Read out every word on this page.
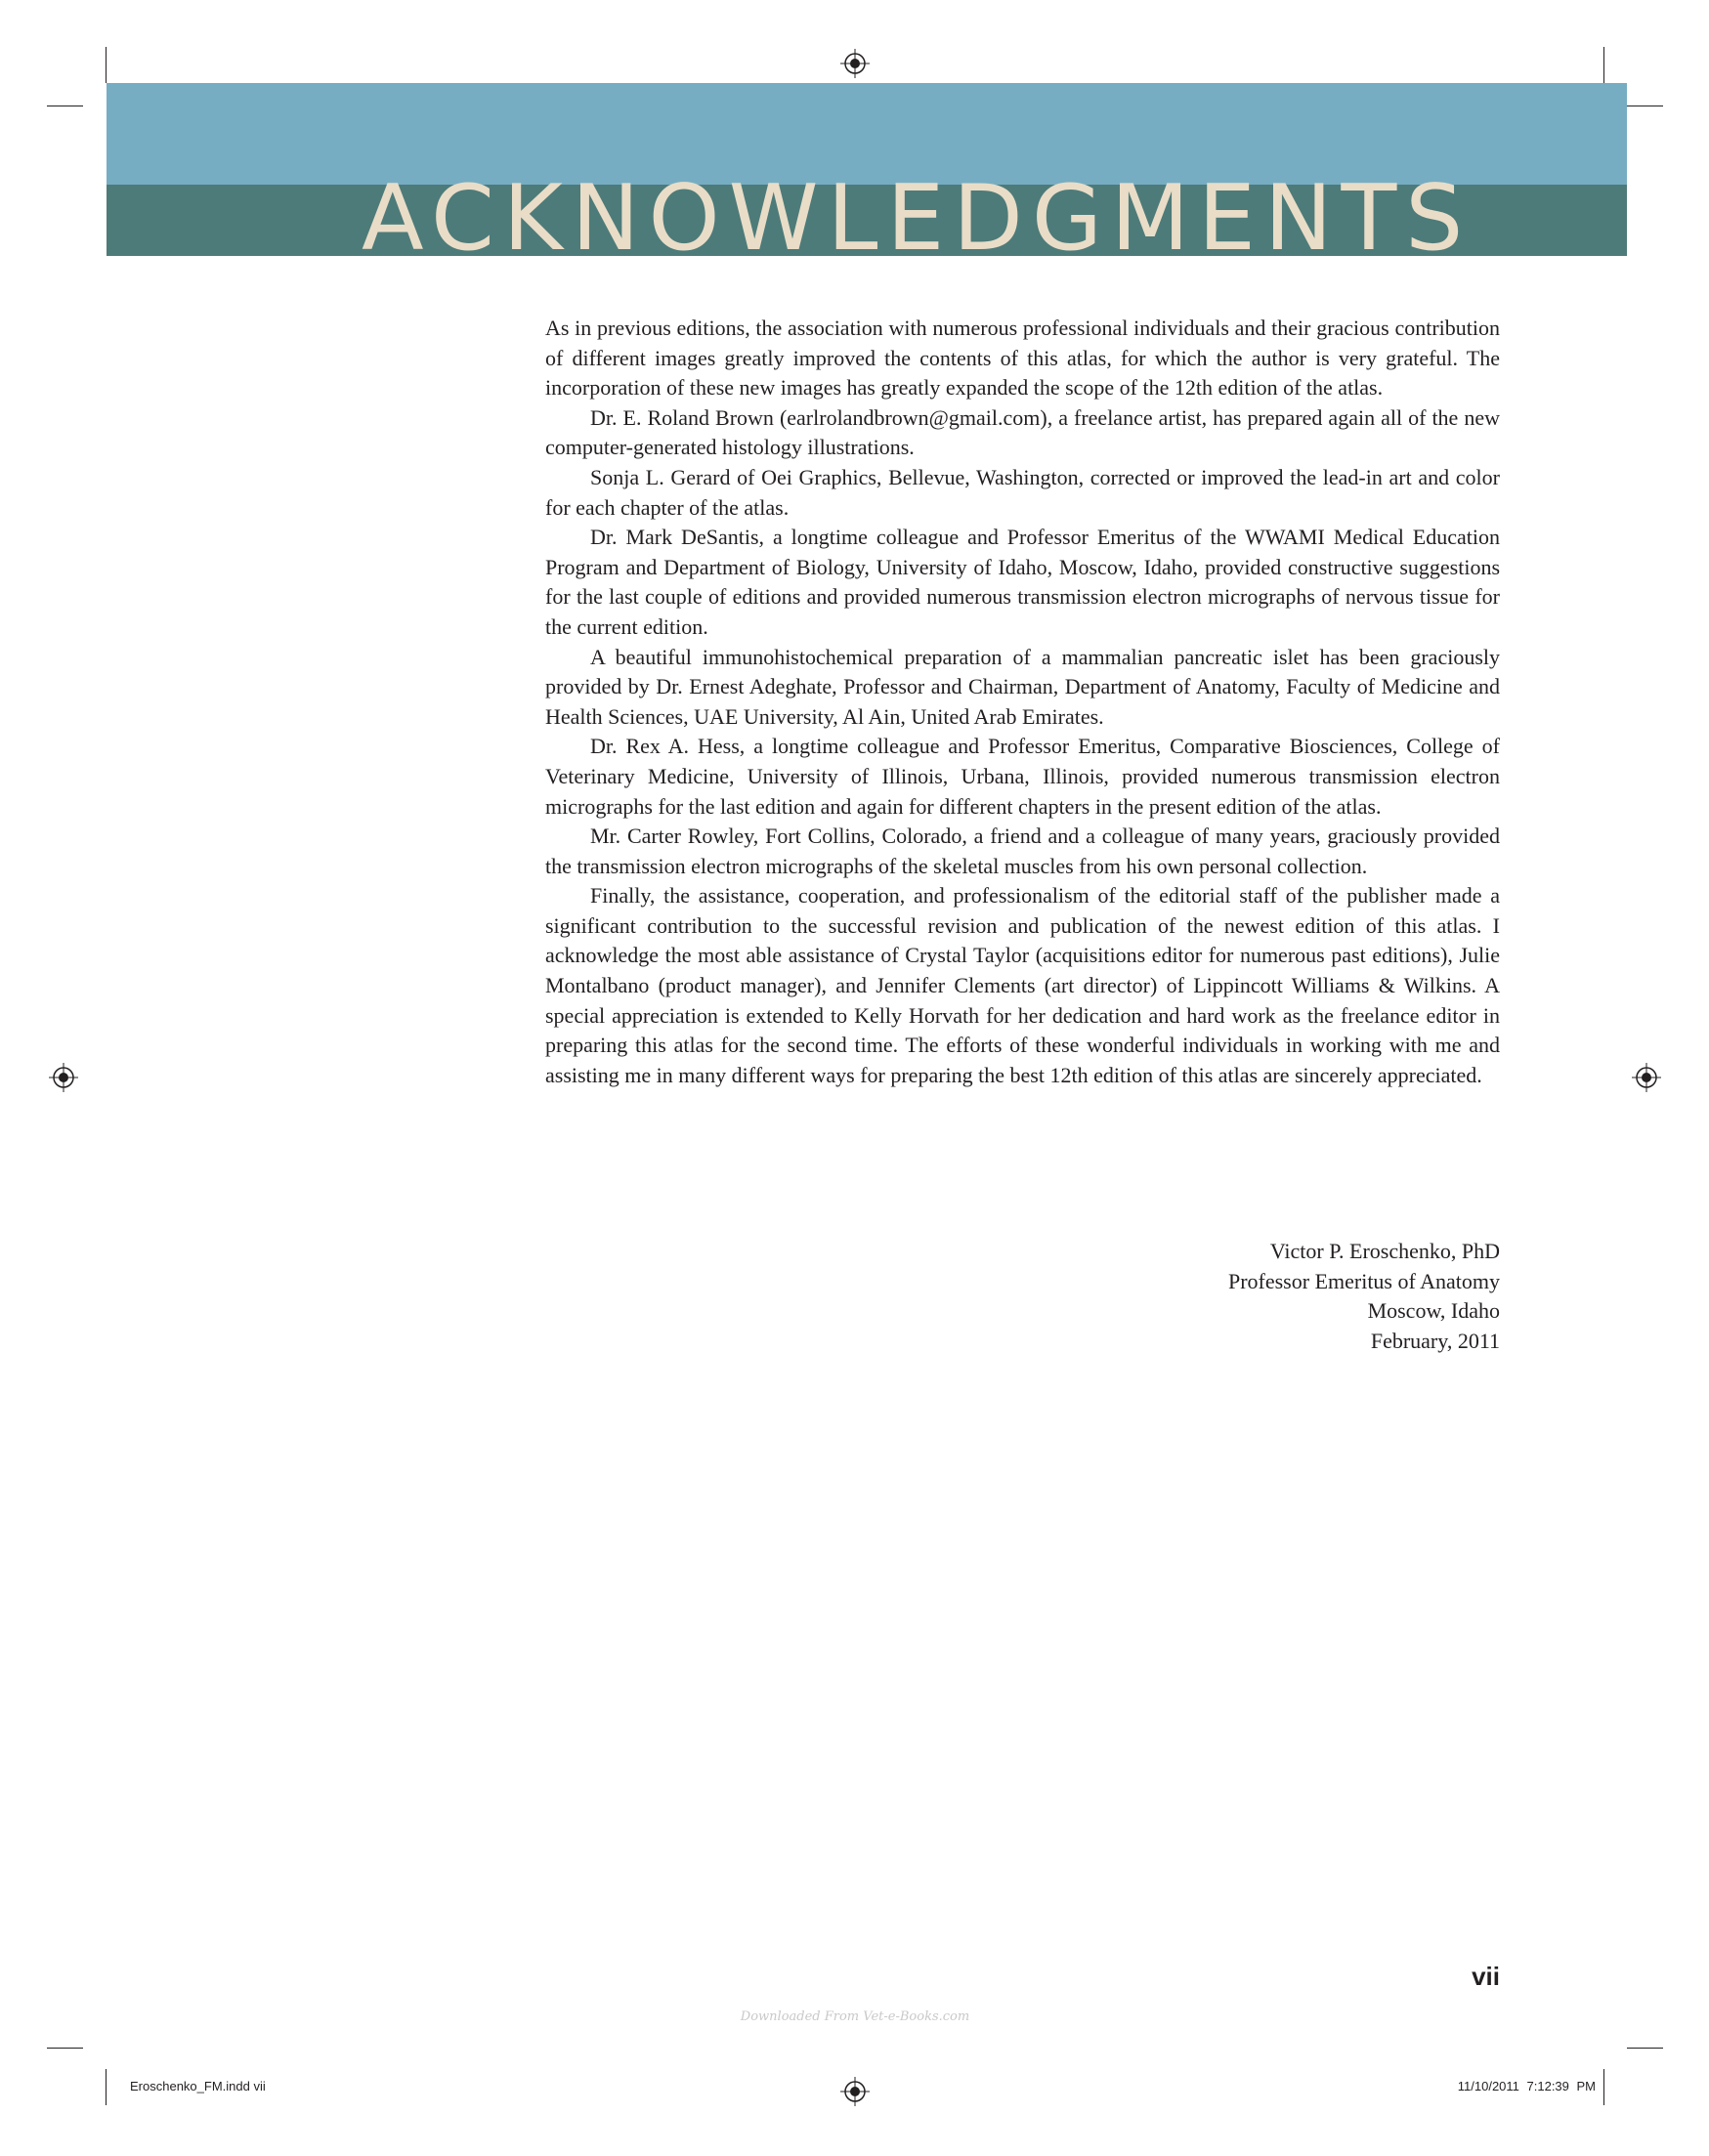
ACKNOWLEDGMENTS

As in previous editions, the association with numerous professional individuals and their gracious contribution of different images greatly improved the contents of this atlas, for which the author is very grateful. The incorporation of these new images has greatly expanded the scope of the 12th edition of the atlas.

Dr. E. Roland Brown (earlrolandbrown@gmail.com), a freelance artist, has prepared again all of the new computer-generated histology illustrations.

Sonja L. Gerard of Oei Graphics, Bellevue, Washington, corrected or improved the lead-in art and color for each chapter of the atlas.

Dr. Mark DeSantis, a longtime colleague and Professor Emeritus of the WWAMI Medical Education Program and Department of Biology, University of Idaho, Moscow, Idaho, provided constructive suggestions for the last couple of editions and provided numerous transmission electron micrographs of nervous tissue for the current edition.

A beautiful immunohistochemical preparation of a mammalian pancreatic islet has been graciously provided by Dr. Ernest Adeghate, Professor and Chairman, Department of Anatomy, Faculty of Medicine and Health Sciences, UAE University, Al Ain, United Arab Emirates.

Dr. Rex A. Hess, a longtime colleague and Professor Emeritus, Comparative Biosciences, College of Veterinary Medicine, University of Illinois, Urbana, Illinois, provided numerous transmission electron micrographs for the last edition and again for different chapters in the present edition of the atlas.

Mr. Carter Rowley, Fort Collins, Colorado, a friend and a colleague of many years, graciously provided the transmission electron micrographs of the skeletal muscles from his own personal collection.

Finally, the assistance, cooperation, and professionalism of the editorial staff of the publisher made a significant contribution to the successful revision and publication of the newest edition of this atlas. I acknowledge the most able assistance of Crystal Taylor (acquisitions editor for numerous past editions), Julie Montalbano (product manager), and Jennifer Clements (art director) of Lippincott Williams & Wilkins. A special appreciation is extended to Kelly Horvath for her dedication and hard work as the freelance editor in preparing this atlas for the second time. The efforts of these wonderful individuals in working with me and assisting me in many different ways for preparing the best 12th edition of this atlas are sincerely appreciated.

Victor P. Eroschenko, PhD
Professor Emeritus of Anatomy
Moscow, Idaho
February, 2011
vii
Downloaded From Vet-e-Books.com
Eroschenko_FM.indd vii	11/10/2011 7:12:39 PM
